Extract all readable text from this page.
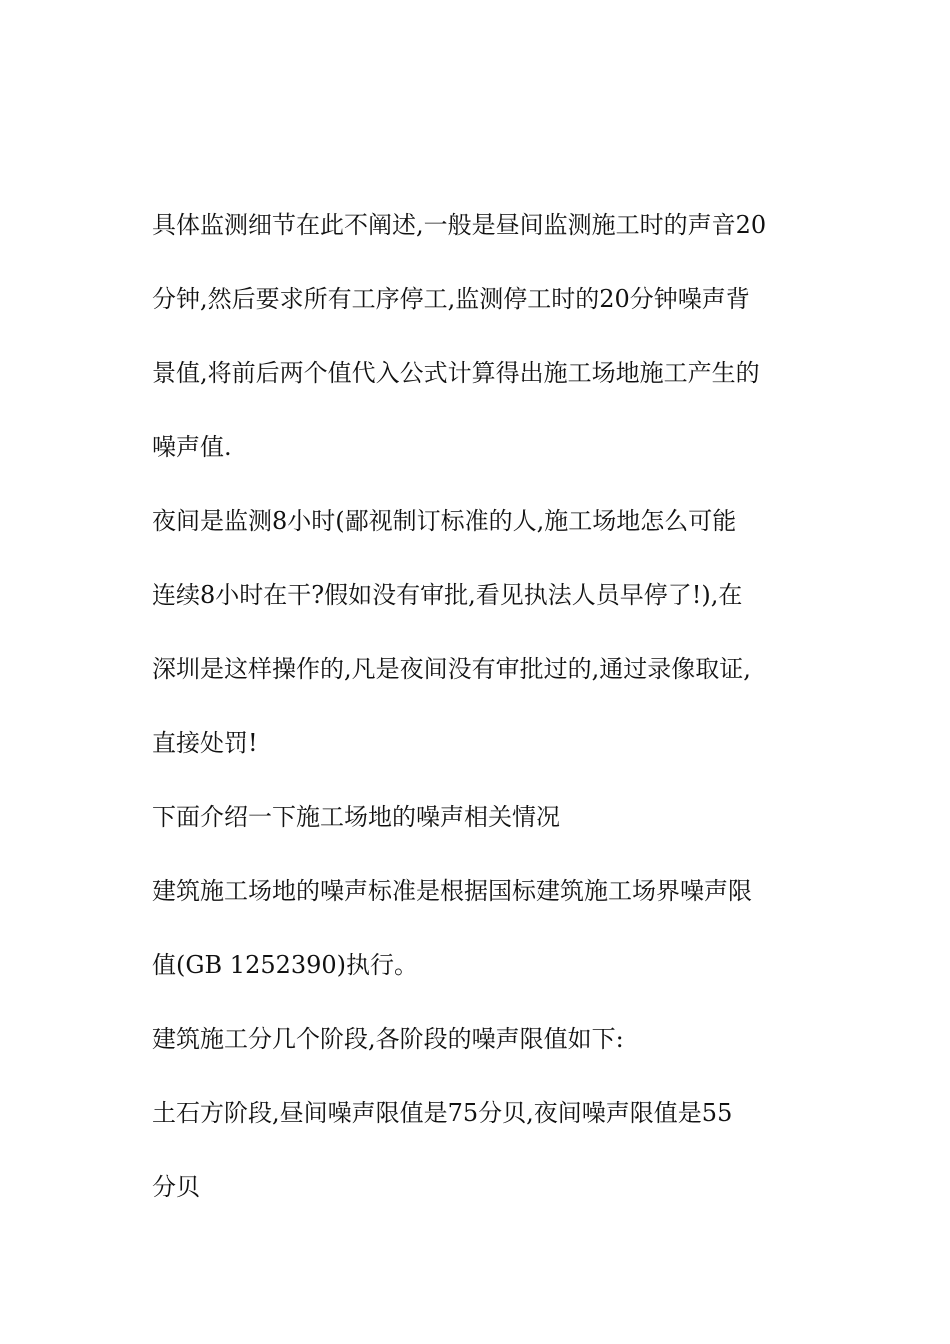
具体监测细节在此不阐述,一般是昼间监测施工时的声音20

分钟,然后要求所有工序停工,监测停工时的20分钟噪声背

景值,将前后两个值代入公式计算得出施工场地施工产生的

噪声值.

夜间是监测8小时(鄙视制订标准的人,施工场地怎么可能

连续8小时在干?假如没有审批,看见执法人员早停了!),在

深圳是这样操作的,凡是夜间没有审批过的,通过录像取证,

直接处罚!

下面介绍一下施工场地的噪声相关情况

建筑施工场地的噪声标准是根据国标建筑施工场界噪声限

值(GB 1252390)执行。

建筑施工分几个阶段,各阶段的噪声限值如下:

土石方阶段,昼间噪声限值是75分贝,夜间噪声限值是55

分贝
